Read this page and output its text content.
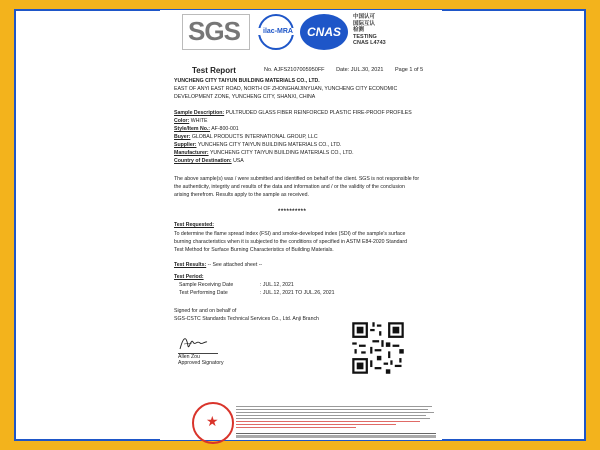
SGS	ilac-MRA	CNAS
中国认可
国际互认
检测
TESTING
CNAS L4743
Test Report	No. AJFS2107005950FF Date: JUL.30, 2021 Page 1 of 5
YUNCHENG CITY TAIYUN BUILDING MATERIALS CO., LTD.
EAST OF ANYI EAST ROAD, NORTH OF ZHONGHAIJINYUAN, YUNCHENG CITY ECONOMIC
DEVELOPMENT ZONE, YUNCHENG CITY, SHANXI, CHINA
Sample Description: PULTRUDED GLASS FIBER REINFORCED PLASTIC FIRE-PROOF PROFILES
Color: WHITE
Style/Item No.: AF-800-001
Buyer: GLOBAL PRODUCTS INTERNATIONAL GROUP, LLC
Supplier: YUNCHENG CITY TAIYUN BUILDING MATERIALS CO., LTD.
Manufacturer: YUNCHENG CITY TAIYUN BUILDING MATERIALS CO., LTD.
Country of Destination: USA
The above sample(s) was / were submitted and identified on behalf of the client. SGS is not responsible for
the authenticity, integrity and results of the data and information and / or the validity of the conclusion
arising therefrom. Results apply to the sample as received.
**********
Test Requested:
To determine the flame spread index (FSI) and smoke-developed index (SDI) of the sample's surface
burning characteristics when it is subjected to the conditions of specified in ASTM E84-2020 Standard
Test Method for Surface Burning Characteristics of Building Materials.
Test Results: -- See attached sheet --
Test Period:
Sample Receiving Date	: JUL.12, 2021
Test Performing Date	: JUL.12, 2021 TO JUL.26, 2021
Signed for and on behalf of
SGS-CSTC Standards Technical Services Co., Ltd. Anji Branch
Allen Zou
Approved Signatory
★
